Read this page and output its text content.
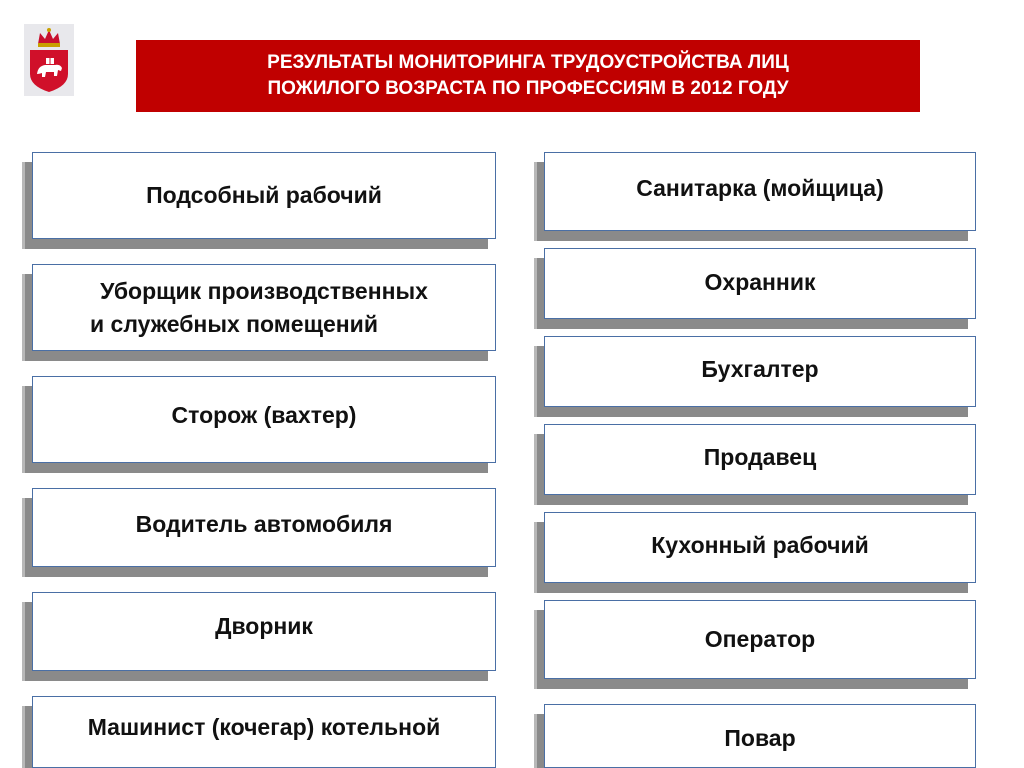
РЕЗУЛЬТАТЫ МОНИТОРИНГА ТРУДОУСТРОЙСТВА ЛИЦ
ПОЖИЛОГО ВОЗРАСТА ПО ПРОФЕССИЯМ В 2012 ГОДУ
Подсобный рабочий
Уборщик производственных
и служебных помещений
Сторож (вахтер)
Водитель автомобиля
Дворник
Машинист (кочегар) котельной
Санитарка (мойщица)
Охранник
Бухгалтер
Продавец
Кухонный рабочий
Оператор
Повар
